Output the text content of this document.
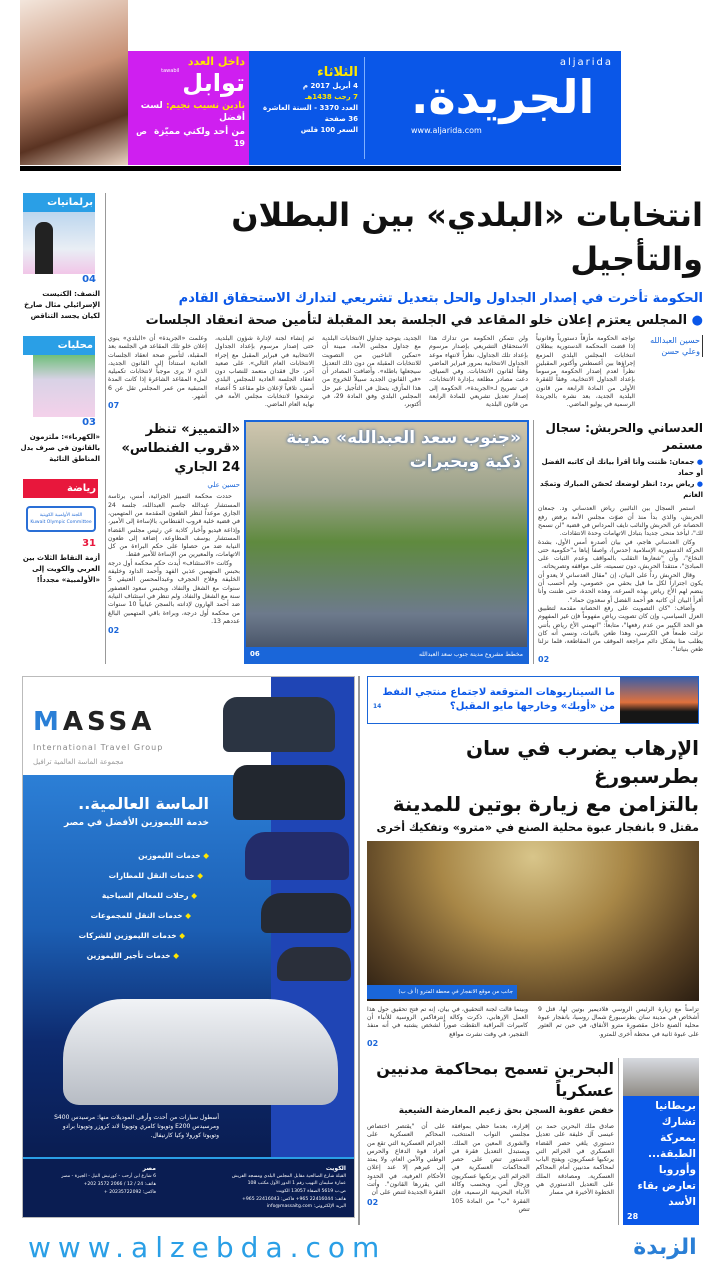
داخل العدد
توابل
tawabil
نادين نسيب نجيم: لست أفضل
من أحد ولكني مميّزة ص 19
الثلاثاء
4 أبريل 2017 م
7 رجب 1438هـ
العدد 3370 - السنة العاشرة
36 صفحة
السعر 100 فلس
aljarida
الجريدة.
www.aljarida.com
برلمانيات
04
النصف: الكنيست الإسرائيلي مثال صارخ لكيان يجسد التناقض
محليات
03
«الكهرباء»: ملتزمون بالقانون في صرف بدل المناطق النائية
رياضة
اللجنة الأولمبية الكويتية
Kuwait Olympic Committee
31
أزمة النقاط الثلاث بين العربي والكويت إلى «الأولمبية» مجدداً!
انتخابات «البلدي» بين البطلان والتأجيل
الحكومة تأخرت في إصدار الجداول والحل بتعديل تشريعي لتدارك الاستحقاق القادم
● المجلس يعتزم إعلان خلو المقاعد في الجلسة بعد المقبلة لتأمين صحة انعقاد الجلسات
حسين العبدالله
وعلي حسن
تواجه الحكومة مأزقاً دستورياً وقانونياً إذا قضت المحكمة الدستورية ببطلان انتخابات المجلس البلدي المزمع إجراؤها بين أغسطس وأكتوبر المقبلين نظراً لعدم إصدار الحكومة مرسوماً بإعداد الجداول الانتخابية، وفقاً للفقرة الأولى من المادة الرابعة من قانون البلدية الجديد، بعد نشره بالجريدة الرسمية في يوليو الماضي.
ولن تتمكن الحكومة من تدارك هذا الاستحقاق التشريعي بإصدار مرسوم بإعداد تلك الجداول، نظراً لانتهاء موعد الجداول الانتخابية بمرور فبراير الماضي وفقاً لقانون الانتخابات. وفي السياق، دعت مصادر مطلعة بـإدارة الانتخابات، في تصريح لـ«الجريدة»، الحكومة إلى إصدار تعديل تشريعي للمادة الرابعة من قانون البلدية
الجديد، بتوحيد جداول الانتخابات البلدية مع جداول مجلس الأمة، مبينة أن «تمكين الناخبين من التصويت للانتخابات المقبلة من دون ذلك التعديل سيجعلها باطلة». وأضافت المصادر أن «في القانون الجديد سبيلاً للخروج من هذا المأزق، يتمثل في التأجيل عبر حل المجلس البلدي وفق المادة 29، في أكتوبر،
ثم إنشاء لجنة لإدارة شؤون البلدية، حتى إصدار مرسوم بإعداد الجداول الانتخابية في فبراير المقبل مع إجراء الانتخابات العام التالي». على صعيد آخر، حال فقدان متعمد للنصاب دون انعقاد الجلسة العادية للمجلس البلدي أمس، تلافياً لإعلان خلو مقاعد 5 أعضاء ترشحوا لانتخابات مجلس الأمة في نهاية العام الماضي.
وعلمت «الجريدة» أن «البلدي» ينوي إعلان خلو تلك المقاعد في الجلسة بعد المقبلة، لتأمين صحة انعقاد الجلسات العادية استناداً إلى القانون الجديد، الذي لا يرى موجباً لانتخابات تكميلية لملء المقاعد الشاغرة إذا كانت المدة المتبقية من عمر المجلس تقل عن 6 أشهر.
07
العدساني والحربش: سجال مستمر
● جمعان: ظننت وأنا أقرأ بيانك أن كاتبه الفضل أو حماد
● رياض يرد: انظر لوضعك تُحصّن المبارك وتمجّد الغانم

استمر السجال بين النائبين رياض العدساني ود. جمعان الحربش، والذي بدأ منذ أن صوّت مجلس الأمة برفض رفع الحصانة عن الحربش والنائب نايف المرداس في قضية "لن نسمح لك"، ليأخذ منحى جديداً بتبادل الاتهامات وحدة الانتقادات.

وكان العدساني هاجم، في بيان أصدره أمس الأول، بشدة الحركة الدستورية الإسلامية (حدس)، واصفاً إياها بـ"حكومية حتى النخاع"، وأن "شعارها التقلب بالمواقف وعدم الثبات على المبادئ"، منتقداً الحربش، دون تسميته، على مواقفه وتصريحاته.

وقال الحربش رداً على البيان، إن "مقال العدساني لا يعدو أن يكون اجتراراً لكل ما قيل بحقي من خصومي، ولم أحسب أن ينضم لهم الأخ رياض بهذه السرعة، وهذه الحدة، حتى ظننت وأنا أقرأ البيان أن كاتبه هو أحمد الفضل أو سعدون حماد".

وأضاف: "كان التصويت على رفع الحصانة مقدمة لتطبيق العزل السياسي، وإن كان تصويت رياض مفهوماً فإن غير المفهوم هو الحد الكبير من عدم رفعها"، متابعاً: "اتهمني الأخ رياض بأنني نزلت طمعاً في الكرسي، وهذا طعن بالنيات، ونسي أنه كان يطلب منا بشكل دائم مراجعة الموقف من المقاطعة، فلما نزلنا طعن بنياتنا".

02
«جنوب سعد العبدالله» مدينة ذكية وبحيرات
06	مخطط مشروع مدينة جنوب سعد العبدالله
«التمييز» تنظر «قروب الفنطاس» 24 الجاري
حسين علي

حددت محكمة التمييز الجزائية، أمس، برئاسة المستشار عبدالله جاسم العبدالله، جلسة 24 الجاري موعداً لنظر الطعون المقدمة من المتهمين، في قضية خلية قروب الفنطاس، بالإساءة إلى الأمير، وإذاعة فيديو وأخبار كاذبة عن رئيس مجلس القضاء المستشار يوسف المطاوعة، إضافة إلى طعون النيابة ضد من حصلوا على حكم البراءة من كل الاتهامات، والمعيرين من الإساءة للأمير فقط.

وكانت «الاستئناف» أيدت حكم محكمة أول درجة بحبس المتهمين عذبي الفهد وأحمد الداود وخليفة الخليفة وفلاح الحجرف وعبدالمحسن العتيقي 5 سنوات مع الشغل والنفاذ، وبحبس سعود العصفور سنة مع الشغل والنفاذ، ولم تنظر في استئناف النيابة ضد أحمد الهارون لإدانته بالسجن غيابياً 10 سنوات من محكمة أول درجة، وبراءة باقي المتهمين البالغ عددهم 13.

02
MASSA
International Travel Group
مجموعة الماسة العالمية ترافيل
الماسة العالمية..
خدمة الليموزين الأفضل في مصر
◆ خدمات الليموزين
◆ خدمات النقل للمطارات
◆ رحلات للمعالم السياحية
◆ خدمات النقل للمجموعات
◆ خدمات الليموزين للشركات
◆ خدمات تأجير الليموزين
أسطول سيارات من أحدث وأرقى الموديلات منها: مرسيدس S400 ومرسيدس E200 وتويوتا كامري وتويوتا لاند كروزر وتويوتا برادو وتويوتا كورولا وكيا كارنيفال.
الكويت
القبلة شارع الصالحية مقابل المجلس البلدي ومسجد الفريش
عمارة سليمان النهيب رقم 1 الدور الأول مكتب 108
ص.ب 5619 الصفاة 13057 الكويت
هاتف: 22416044 965+ فاكس: 22416043 965+
البريد الإلكتروني: info@massaitg.com
مصر
6 شارع ابن أرحب - كورنيش النيل - الجيزة - مصر
هاتف: 24 / 12 / 2066 3572 202+
فاكس: 20235722092 +
ما السيناريوهات المتوقعة لاجتماع منتجي النفط
14	من «أوبك» وخارجها مايو المقبل؟
الإرهاب يضرب في سان بطرسبورغ
بالتزامن مع زيارة بوتين للمدينة
مقتل 9 بانفجار عبوة محلية الصنع في «مترو» وتفكيك أخرى
جانب من موقع الانفجار في محطة المترو (أ ف ب)
تزامناً مع زيارة الرئيس الروسي فلاديمير بوتين لها، قتل 9 أشخاص في مدينة سان بطرسبورغ شمال روسيا، بانفجار عبوة محلية الصنع داخل مقصورة مترو الأنفاق، في حين تم العثور على عبوة ثانية في محطة أخرى للمترو.
وبينما قالت لجنة التحقيق، في بيان، إنه تم فتح تحقيق حول هذا العمل الإرهابي، ذكرت وكالة إنترفاكس الروسية للأنباء أن كاميرات المراقبة التقطت صوراً لشخص يشتبه في أنه منفذ التفجير، في وقت نشرت مواقع
02
بريطانيا تشارك بمعركة الطبقة... وأوروبا تعارض بقاء الأسد
28
البحرين تسمح بمحاكمة مدنيين عسكرياً
خفض عقوبة السجن بحق زعيم المعارضة الشيعية
صادق ملك البحرين حمد بن عيسى آل خليفة على تعديل دستوري يلغي حصر القضاء العسكري في الجرائم التي يرتكبها عسكريون، ويفتح الباب لمحاكمة مدنيين أمام المحاكم العسكرية. ومصادقة الملك على التعديل الدستوري هي الخطوة الأخيرة في مسار
إقراره، بعدما حظي بموافقة مجلسي النواب المنتخب، والشورى المعين من الملك. ويستبدل التعديل فقرة في الدستور تنص على حصر المحاكمات العسكرية في الجرائم التي يرتكبها عسكريون ورجال أمن. وبحسب وكالة الأنباء البحرينية الرسمية، فإن الفقرة "ب" من المادة 105 تنص
على أن "يقتصر اختصاص المحاكم العسكرية على الجرائم العسكرية التي تقع من أفراد قوة الدفاع والحرس الوطني والأمن العام، ولا يمتد إلى غيرهم إلا عند إعلان الأحكام العرفية، في الحدود التي يقررها القانون". وأتت الفقرة الجديدة لتنص على أن
02
www.alzebda.com	الزبدة
